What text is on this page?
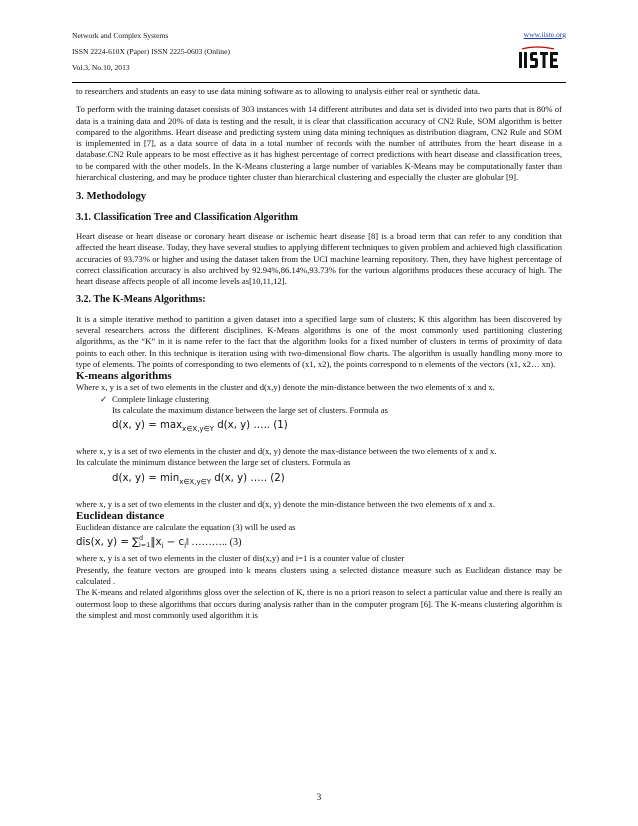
Network and Complex Systems
ISSN 2224-610X (Paper) ISSN 2225-0603 (Online)
Vol.3, No.10, 2013
www.iiste.org

to researchers and students an easy to use data mining software as to allowing to analysis either real or synthetic data.

To perform with the training dataset consists of 303 instances with 14 different attributes and data set is divided into two parts that is 80% of data is a training data and 20% of data is testing and the result, it is clear that classification accuracy of CN2 Rule, SOM algorithm is better compared to the algorithms. Heart disease and predicting system using data mining techniques as distribution diagram, CN2 Rule and SOM is implemented in [7], as a data source of data in a total number of records with the number of attributes from the heart disease in a database.CN2 Rule appears to be most effective as it has highest percentage of correct predictions with heart disease and classification trees, to be compared with the other models. In the K-Means clustering a large number of variables K-Means may be computationally faster than hierarchical clustering, and may be produce tighter cluster than hierarchical clustering and especially the cluster are globular [9].

3. Methodology

3.1. Classification Tree and Classification Algorithm

Heart disease or heart disease or coronary heart disease or ischemic heart disease [8] is a broad term that can refer to any condition that affected the heart disease. Today, they have several studies to applying different techniques to given problem and achieved high classification accuracies of 93.73% or higher and using the dataset taken from the UCI machine learning repository. Then, they have highest percentage of correct classification accuracy is also archived by 92.94%,86.14%,93.73% for the various algorithms produces these accuracy of high. The heart disease affects people of all income levels as[10,11,12].

3.2. The K-Means Algorithms:

It is a simple iterative method to partition a given dataset into a specified large sum of clusters; K this algorithm has been discovered by several researchers across the different disciplines. K-Means algorithms is one of the most commonly used partitioning clustering algorithms, as the “K” in it is name refer to the fact that the algorithm looks for a fixed number of clusters in terms of proximity of data points to each other. In this technique is iteration using with two-dimensional flow charts. The algorithm is usually handling mony more to type of elements. The points of corresponding to two elements of (x1, x2), the points correspond to n elements of the vectors (x1, x2… xn).

K-means algorithms

Where x, y is a set of two elements in the cluster and d(x,y) denote the min-distance between the two elements of x and x.

✓ Complete linkage clustering

Its calculate the maximum distance between the large set of clusters. Formula as

d(x, $y) = \max_{x\in X,y\in Y} d(x$, y) ….. (1)

where x, y is a set of two elements in the cluster and d(x, y) denote the max-distance between the two elements of x and x.

Its calculate the minimum distance between the large set of clusters. Formula as

d(x, $y) = \min_{x\in X,y\in Y} d(x$, y) ….. (2)

where x, y is a set of two elements in the cluster and d(x, y) denote the min-distance between the two elements of x and x.

Euclidean distance

Euclidean distance are calculate the equation (3) will be used as

dis(x, y) = ∑ d
i=1 $‖x_i$ − $c_i‖$ ……….. (3)

where x, y is a set of two elements in the cluster of dis(x,y) and i=1 is a counter value of cluster

Presently, the feature vectors are grouped into k means clusters using a selected distance measure such as Euclidean distance may be calculated .

The K-means and related algorithms gloss over the selection of K, there is no a priori reason to select a particular value and there is really an outermost loop to these algorithms that occurs during analysis rather than in the computer program [6]. The K-means clustering algorithm is the simplest and most commonly used algorithm it is

3
